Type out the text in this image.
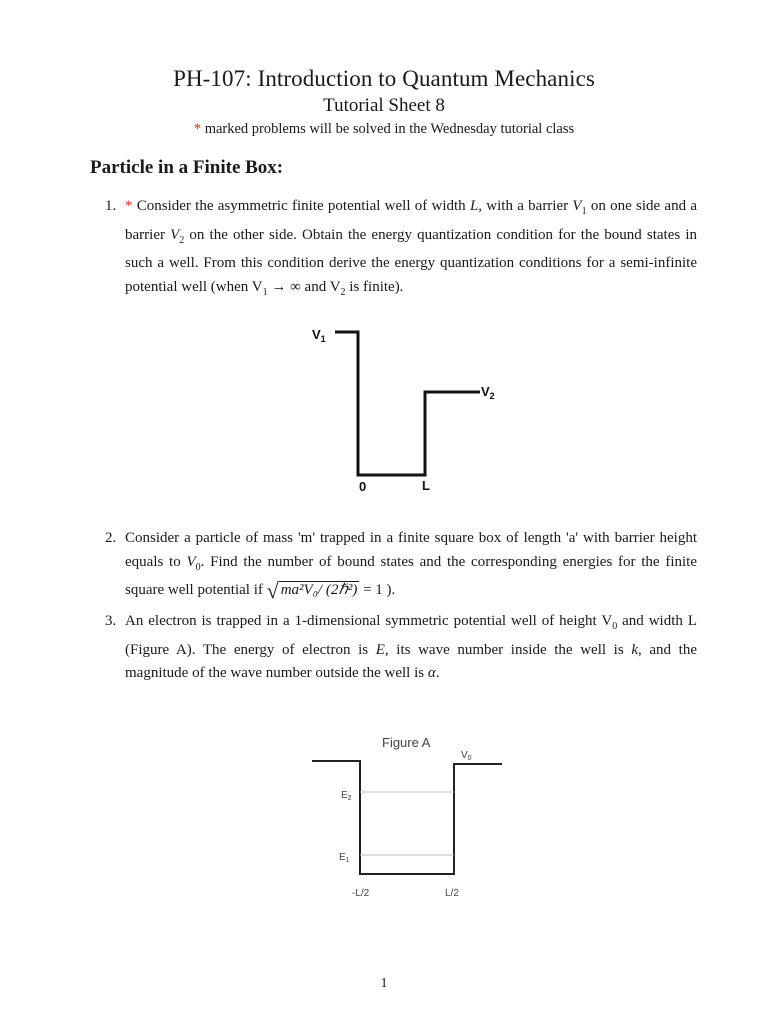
PH-107: Introduction to Quantum Mechanics
Tutorial Sheet 8
* marked problems will be solved in the Wednesday tutorial class
Particle in a Finite Box:
1. * Consider the asymmetric finite potential well of width L, with a barrier $V_1$ on one side and a barrier $V_2$ on the other side. Obtain the energy quantization condition for the bound states in such a well. From this condition derive the energy quantization conditions for a semi-infinite potential well (when $V_1$ → ∞ and $V_2$ is finite).
$V_1$
$V_2$
0	L
2. Consider a particle of mass 'm' trapped in a finite square box of length 'a' with barrier height equals to $V_0$. Find the number of bound states and the corresponding energies for the finite square well potential if √ ma²V₀/ (2ℏ²) = 1 ).
3. An electron is trapped in a 1-dimensional symmetric potential well of height $V_0$ and width L (Figure A). The energy of electron is E, its wave number inside the well is k, and the magnitude of the wave number outside the well is α.
Figure A
$V_0$
$E_2$
$E_1$
-L/2	L/2
1
